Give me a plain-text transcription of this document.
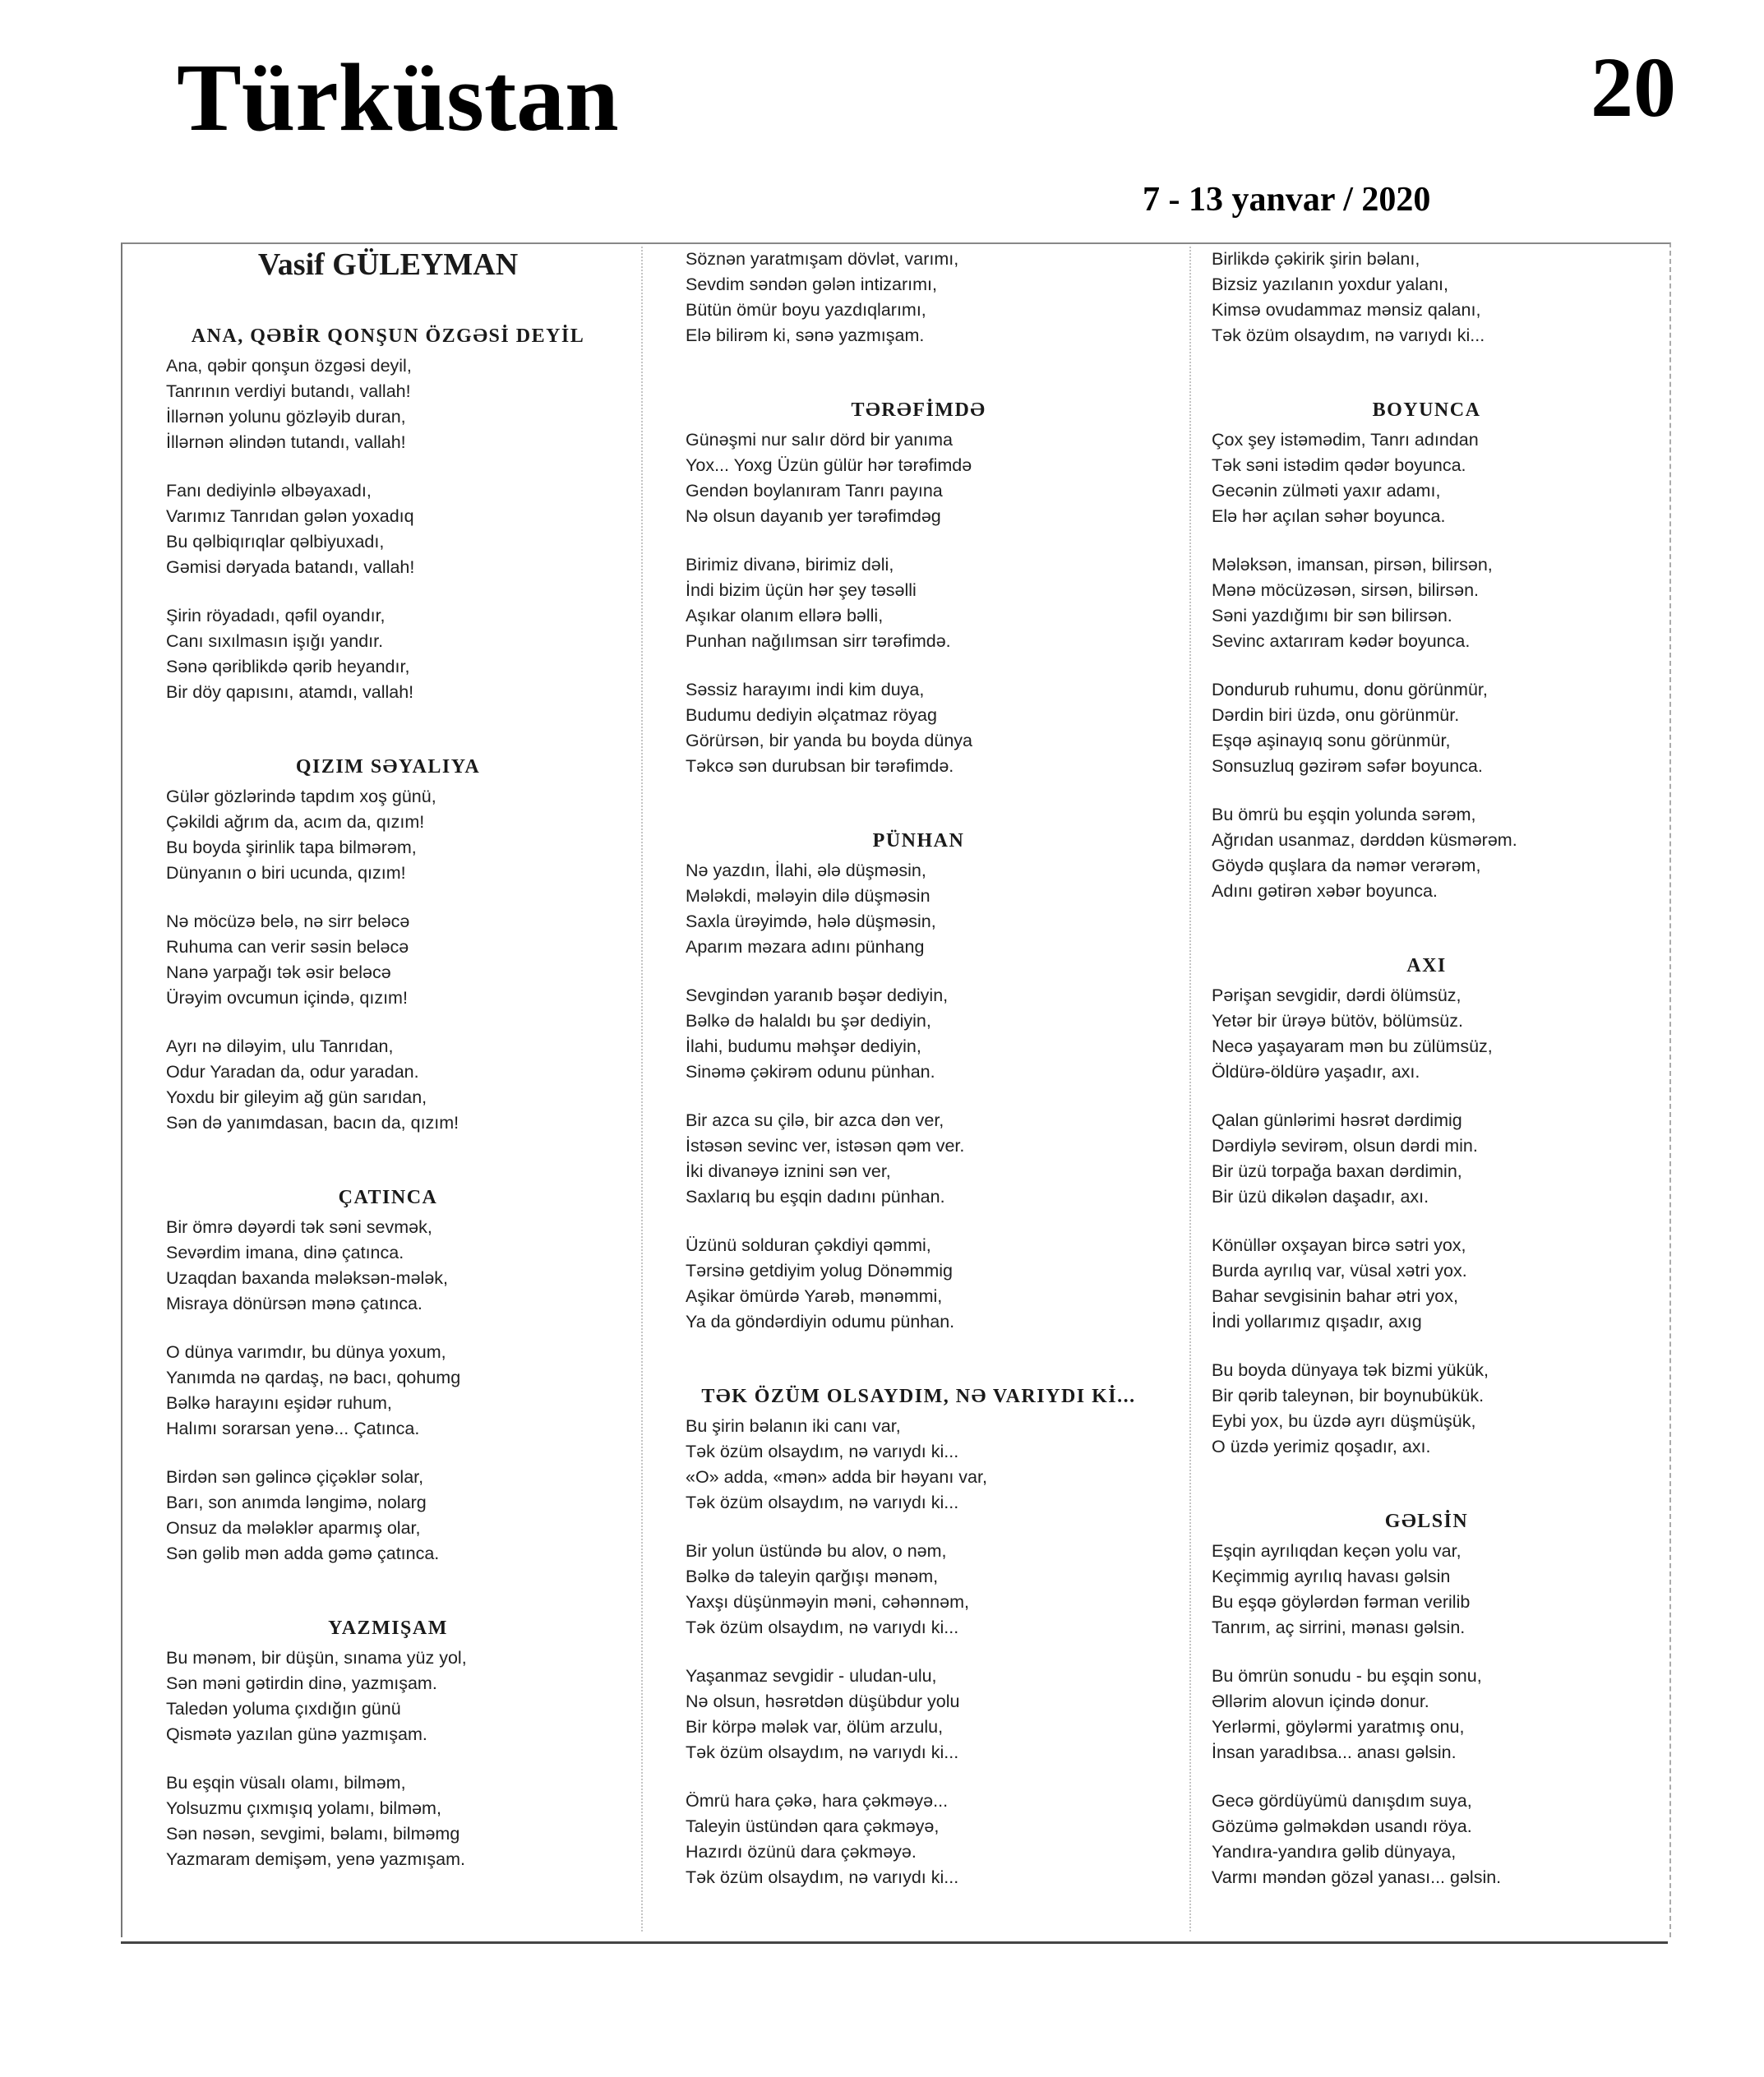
Türküstan	20
7 - 13 yanvar / 2020
Vasif GÜLEYMAN
ANA, QƏBİR QONŞUN ÖZGƏSİ DEYİL
Ana, qəbir qonşun özgəsi deyil,
Tanrının verdiyi butandı, vallah!
İllərnən yolunu gözləyib duran,
İllərnən əlindən tutandı, vallah!
Fanı dediyinlə əlbəyaxadı,
Varımız Tanrıdan gələn yoxadıq
Bu qəlbiqırıqlar qəlbiyuxadı,
Gəmisi dəryada batandı, vallah!
Şirin röyadadı, qəfil oyandır,
Canı sıxılmasın işığı yandır.
Sənə qəriblikdə qərib heyandır,
Bir döy qapısını, atamdı, vallah!
QIZIM SƏYALIYA
Gülər gözlərində tapdım xoş günü,
Çəkildi ağrım da, acım da, qızım!
Bu boyda şirinlik tapa bilmərəm,
Dünyanın o biri ucunda, qızım!
Nə möcüzə belə, nə sirr beləcə
Ruhuma can verir səsin beləcə
Nanə yarpağı tək əsir beləcə
Ürəyim ovcumun içində, qızım!
Ayrı nə diləyim, ulu Tanrıdan,
Odur Yaradan da, odur yaradan.
Yoxdu bir gileyim ağ gün sarıdan,
Sən də yanımdasan, bacın da, qızım!
ÇATINCA
Bir ömrə dəyərdi tək səni sevmək,
Sevərdim imana, dinə çatınca.
Uzaqdan baxanda mələksən-mələk,
Misraya dönürsən mənə çatınca.
O dünya varımdır, bu dünya yoxum,
Yanımda nə qardaş, nə bacı, qohumg
Bəlkə harayını eşidər ruhum,
Halımı sorarsan yenə... Çatınca.
Birdən sən gəlincə çiçəklər solar,
Barı, son anımda ləngimə, nolarg
Onsuz da mələklər aparmış olar,
Sən gəlib mən adda gəmə çatınca.
YAZMIŞAM
Bu mənəm, bir düşün, sınama yüz yol,
Sən məni gətirdin dinə, yazmışam.
Taledən yoluma çıxdığın günü
Qismətə yazılan günə yazmışam.
Bu eşqin vüsalı olamı, bilməm,
Yolsuzmu çıxmışıq yolamı, bilməm,
Sən nəsən, sevgimi, bəlamı, bilməmg
Yazmaram demişəm, yenə yazmışam.
Söznən yaratmışam dövlət, varımı,
Sevdim səndən gələn intizarımı,
Bütün ömür boyu yazdıqlarımı,
Elə bilirəm ki, sənə yazmışam.
TƏRƏFİMDƏ
Günəşmi nur salır dörd bir yanıma
Yox... Yoxg Üzün gülür hər tərəfimdə
Gendən boylanıram Tanrı payına
Nə olsun dayanıb yer tərəfimdəg
Birimiz divanə, birimiz dəli,
İndi bizim üçün hər şey təsəlli
Aşıkar olanım ellərə bəlli,
Punhan nağılımsan sirr tərəfimdə.
Səssiz harayımı indi kim duya,
Budumu dediyin əlçatmaz röyag
Görürsən, bir yanda bu boyda dünya
Təkcə sən durubsan bir tərəfimdə.
PÜNHAN
Nə yazdın, İlahi, ələ düşməsin,
Mələkdi, mələyin dilə düşməsin
Saxla ürəyimdə, hələ düşməsin,
Aparım məzara adını pünhang
Sevgindən yaranıb bəşər dediyin,
Bəlkə də halaldı bu şər dediyin,
İlahi, budumu məhşər dediyin,
Sinəmə çəkirəm odunu pünhan.
Bir azca su çilə, bir azca dən ver,
İstəsən sevinc ver, istəsən qəm ver.
İki divanəyə iznini sən ver,
Saxlarıq bu eşqin dadını pünhan.
Üzünü solduran çəkdiyi qəmmi,
Tərsinə getdiyim yolug Dönəmmig
Aşikar ömürdə Yarəb, mənəmmi,
Ya da göndərdiyin odumu pünhan.
TƏK ÖZÜM OLSAYDIM, NƏ VARIYDI Kİ...
Bu şirin bəlanın iki canı var,
Tək özüm olsaydım, nə varıydı ki...
«O» adda, «mən» adda bir həyanı var,
Tək özüm olsaydım, nə varıydı ki...
Bir yolun üstündə bu alov, o nəm,
Bəlkə də taleyin qarğışı mənəm,
Yaxşı düşünməyin məni, cəhənnəm,
Tək özüm olsaydım, nə varıydı ki...
Yaşanmaz sevgidir - uludan-ulu,
Nə olsun, həsrətdən düşübdur yolu
Bir körpə mələk var, ölüm arzulu,
Tək özüm olsaydım, nə varıydı ki...
Ömrü hara çəkə, hara çəkməyə...
Taleyin üstündən qara çəkməyə,
Hazırdı özünü dara çəkməyə.
Tək özüm olsaydım, nə varıydı ki...
Birlikdə çəkirik şirin bəlanı,
Bizsiz yazılanın yoxdur yalanı,
Kimsə ovudammaz mənsiz qalanı,
Tək özüm olsaydım, nə varıydı ki...
BOYUNCA
Çox şey istəmədim, Tanrı adından
Tək səni istədim qədər boyunca.
Gecənin zülməti yaxır adamı,
Elə hər açılan səhər boyunca.
Mələksən, imansan, pirsən, bilirsən,
Mənə möcüzəsən, sirsən, bilirsən.
Səni yazdığımı bir sən bilirsən.
Sevinc axtarıram kədər boyunca.
Dondurub ruhumu, donu görünmür,
Dərdin biri üzdə, onu görünmür.
Eşqə aşinayıq sonu görünmür,
Sonsuzluq gəzirəm səfər boyunca.
Bu ömrü bu eşqin yolunda sərəm,
Ağrıdan usanmaz, dərddən küsmərəm.
Göydə quşlara da nəmər verərəm,
Adını gətirən xəbər boyunca.
AXI
Pərişan sevgidir, dərdi ölümsüz,
Yetər bir ürəyə bütöv, bölümsüz.
Necə yaşayaram mən bu zülümsüz,
Öldürə-öldürə yaşadır, axı.
Qalan günlərimi həsrət dərdimig
Dərdiylə sevirəm, olsun dərdi min.
Bir üzü torpağa baxan dərdimin,
Bir üzü dikələn daşadır, axı.
Könüllər oxşayan bircə sətri yox,
Burda ayrılıq var, vüsal xətri yox.
Bahar sevgisinin bahar ətri yox,
İndi yollarımız qışadır, axıg
Bu boyda dünyaya tək bizmi yükük,
Bir qərib taleynən, bir boynubükük.
Eybi yox, bu üzdə ayrı düşmüşük,
O üzdə yerimiz qoşadır, axı.
GƏLSİN
Eşqin ayrılıqdan keçən yolu var,
Keçimmig ayrılıq havası gəlsin
Bu eşqə göylərdən fərman verilib
Tanrım, aç sirrini, mənası gəlsin.
Bu ömrün sonudu - bu eşqin sonu,
Əllərim alovun içində donur.
Yerlərmi, göylərmi yaratmış onu,
İnsan yaradıbsa... anası gəlsin.
Gecə gördüyümü danışdım suya,
Gözümə gəlməkdən usandı röya.
Yandıra-yandıra gəlib dünyaya,
Varmı məndən gözəl yanası... gəlsin.
